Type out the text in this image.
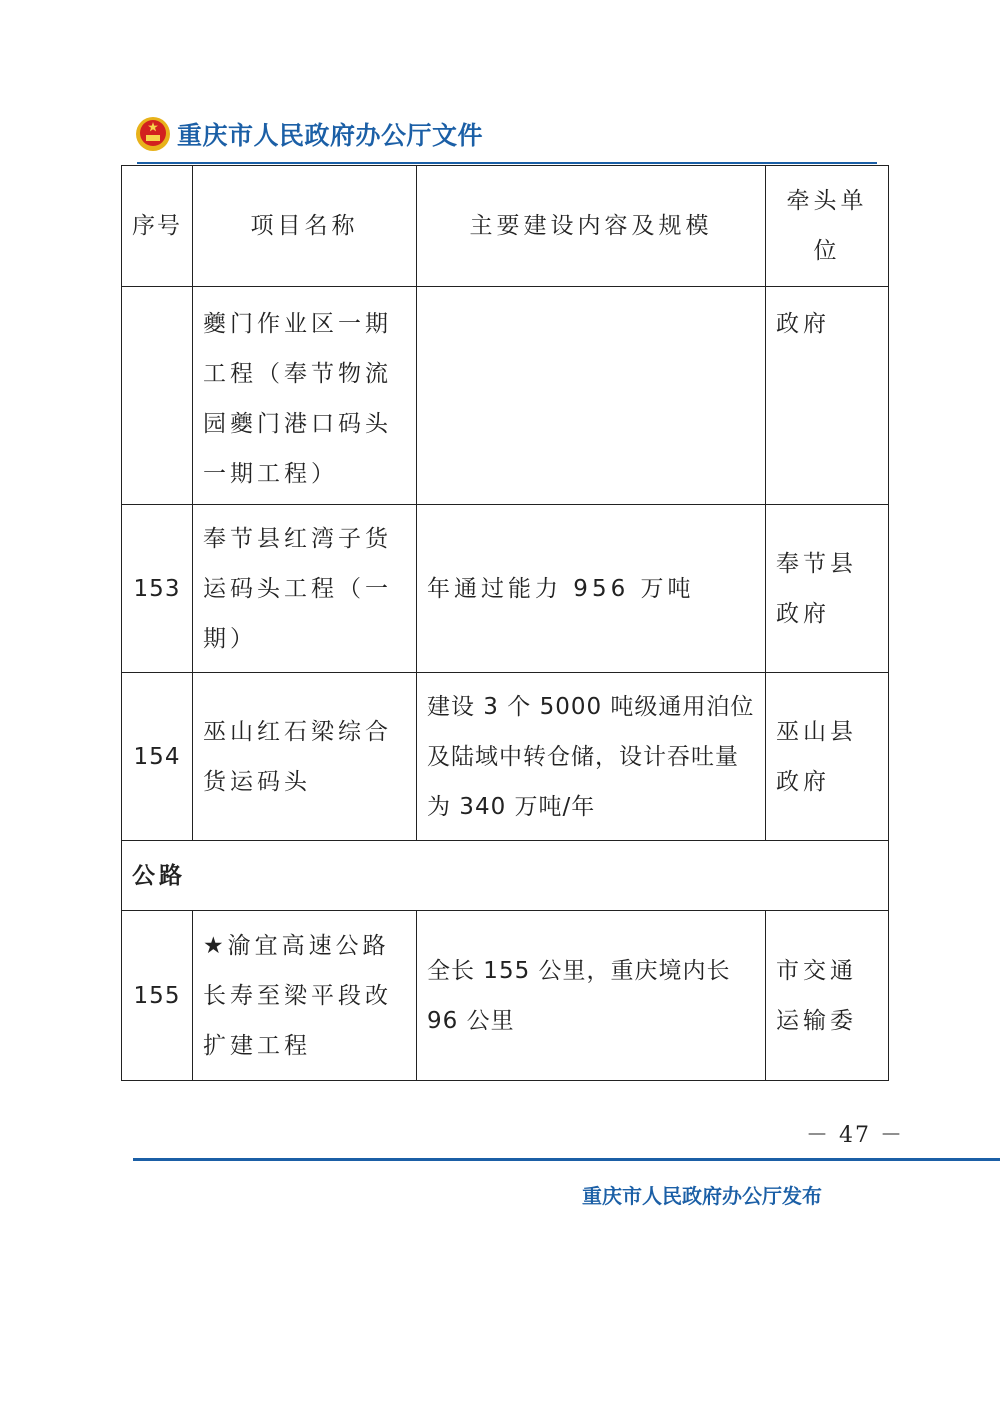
重庆市人民政府办公厅文件
序号	项目名称	主要建设内容及规模	牵头单位
	夔门作业区一期工程（奉节物流园夔门港口码头一期工程）		政府
153	奉节县红湾子货运码头工程（一期）	年通过能力 956 万吨	奉节县政府
154	巫山红石梁综合货运码头	建设 3 个 5000 吨级通用泊位及陆域中转仓储，设计吞吐量为 340 万吨/年	巫山县政府
公路			
155	★渝宜高速公路长寿至梁平段改扩建工程	全长 155 公里，重庆境内长 96 公里	市交通运输委
－ 47 －
重庆市人民政府办公厅发布
